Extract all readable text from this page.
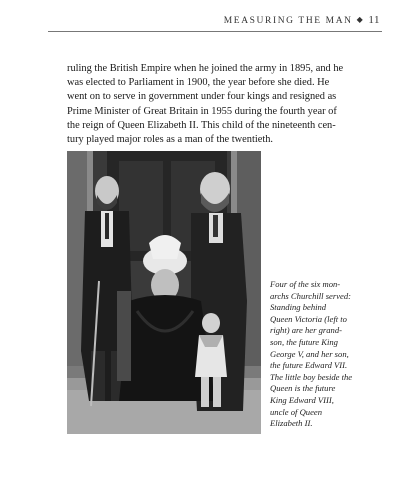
MEASURING THE MAN ◆ 11

ruling the British Empire when he joined the army in 1895, and he

was elected to Parliament in 1900, the year before she died. He

went on to serve in government under four kings and resigned as

Prime Minister of Great Britain in 1955 during the fourth year of

the reign of Queen Elizabeth II. This child of the nineteenth cen-

tury played major roles as a man of the twentieth.

Four of the six mon-
archs Churchill served:
Standing behind
Queen Victoria (left to
right) are her grand-
son, the future King
George V, and her son,
the future Edward VII.
The little boy beside the
Queen is the future
King Edward VIII,
uncle of Queen
Elizabeth II.
